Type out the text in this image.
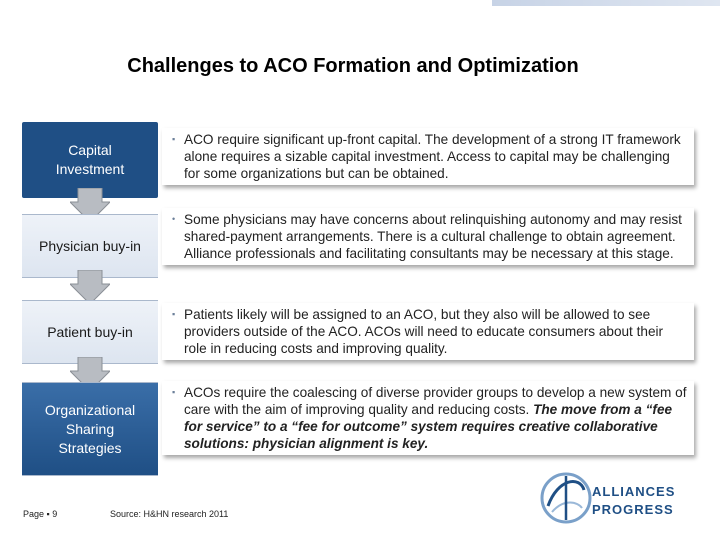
Challenges to ACO Formation and Optimization
Capital
Investment
Physician buy-in
Patient buy-in
Organizational
Sharing
Strategies
▪ ACO require significant up-front capital. The development of a strong IT framework alone requires a sizable capital investment. Access to capital may be challenging for some organizations but can be obtained.
• Some physicians may have concerns about relinquishing autonomy and may resist shared-payment arrangements. There is a cultural challenge to obtain agreement. Alliance professionals and facilitating consultants may be necessary at this stage.
▪ Patients likely will be assigned to an ACO, but they also will be allowed to see providers outside of the ACO. ACOs will need to educate consumers about their role in reducing costs and improving quality.
▪ ACOs require the coalescing of diverse provider groups to develop a new system of care with the aim of improving quality and reducing costs. The move from a “fee for service” to a “fee for outcome” system requires creative collaborative solutions: physician alignment is key.
Page ▪ 9	Source: H&HN research 2011
ALLIANCES
PROGRESS
